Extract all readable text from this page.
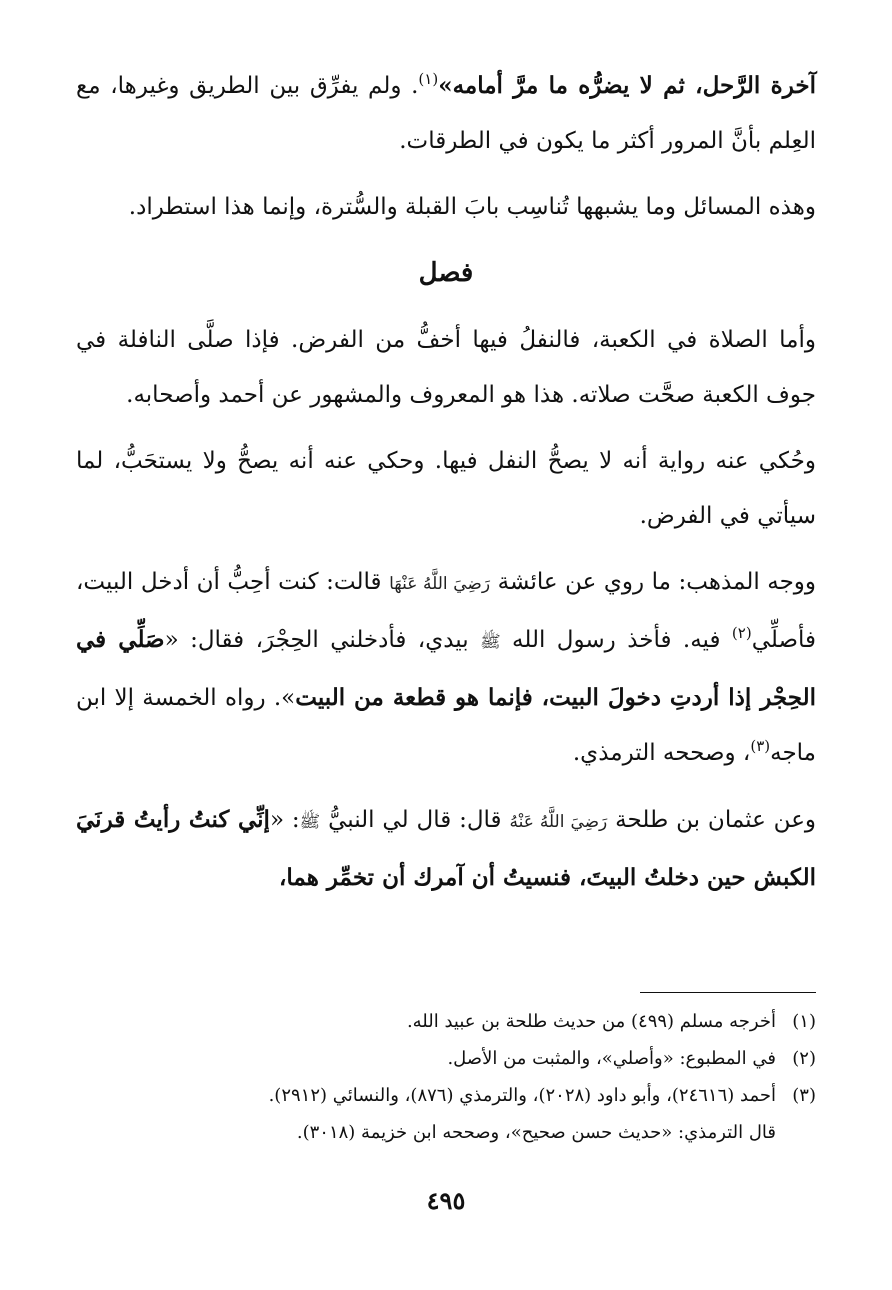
آخرة الرَّحل، ثم لا يضرُّه ما مرَّ أمامه»$^{(١)}$. ولم يفرِّق بين الطريق وغيرها، مع العِلم بأنَّ المرور أكثر ما يكون في الطرقات.

وهذه المسائل وما يشبهها تُناسِب بابَ القبلة والسُّترة، وإنما هذا استطراد.

فصل

وأما الصلاة في الكعبة، فالنفلُ فيها أخفُّ من الفرض. فإذا صلَّى النافلة في جوف الكعبة صحَّت صلاته. هذا هو المعروف والمشهور عن أحمد وأصحابه.

وحُكي عنه رواية أنه لا يصحُّ النفل فيها. وحكي عنه أنه يصحُّ ولا يستحَبُّ، لما سيأتي في الفرض.

ووجه المذهب: ما روي عن عائشة رَضِيَ اللَّهُ عَنْهَا قالت: كنت أحِبُّ أن أدخل البيت، فأصلِّي$^{(٢)}$ فيه. فأخذ رسول الله ﷺ بيدي، فأدخلني الحِجْرَ، فقال: «صَلِّي في الحِجْر إذا أردتِ دخولَ البيت، فإنما هو قطعة من البيت». رواه الخمسة إلا ابن ماجه$^{(٣)}$، وصححه الترمذي.

وعن عثمان بن طلحة رَضِيَ اللَّهُ عَنْهُ قال: قال لي النبيُّ ﷺ: «إنِّي كنتُ رأيتُ قرنَيَ الكبش حين دخلتُ البيتَ، فنسيتُ أن آمرك أن تخمِّر هما،

(١)أخرجه مسلم (٤٩٩) من حديث طلحة بن عبيد الله.

(٢)في المطبوع: «وأصلي»، والمثبت من الأصل.

(٣)أحمد (٢٤٦١٦)، وأبو داود (٢٠٢٨)، والترمذي (٨٧٦)، والنسائي (٢٩١٢).

قال الترمذي: «حديث حسن صحيح»، وصححه ابن خزيمة (٣٠١٨).

٤٩٥
